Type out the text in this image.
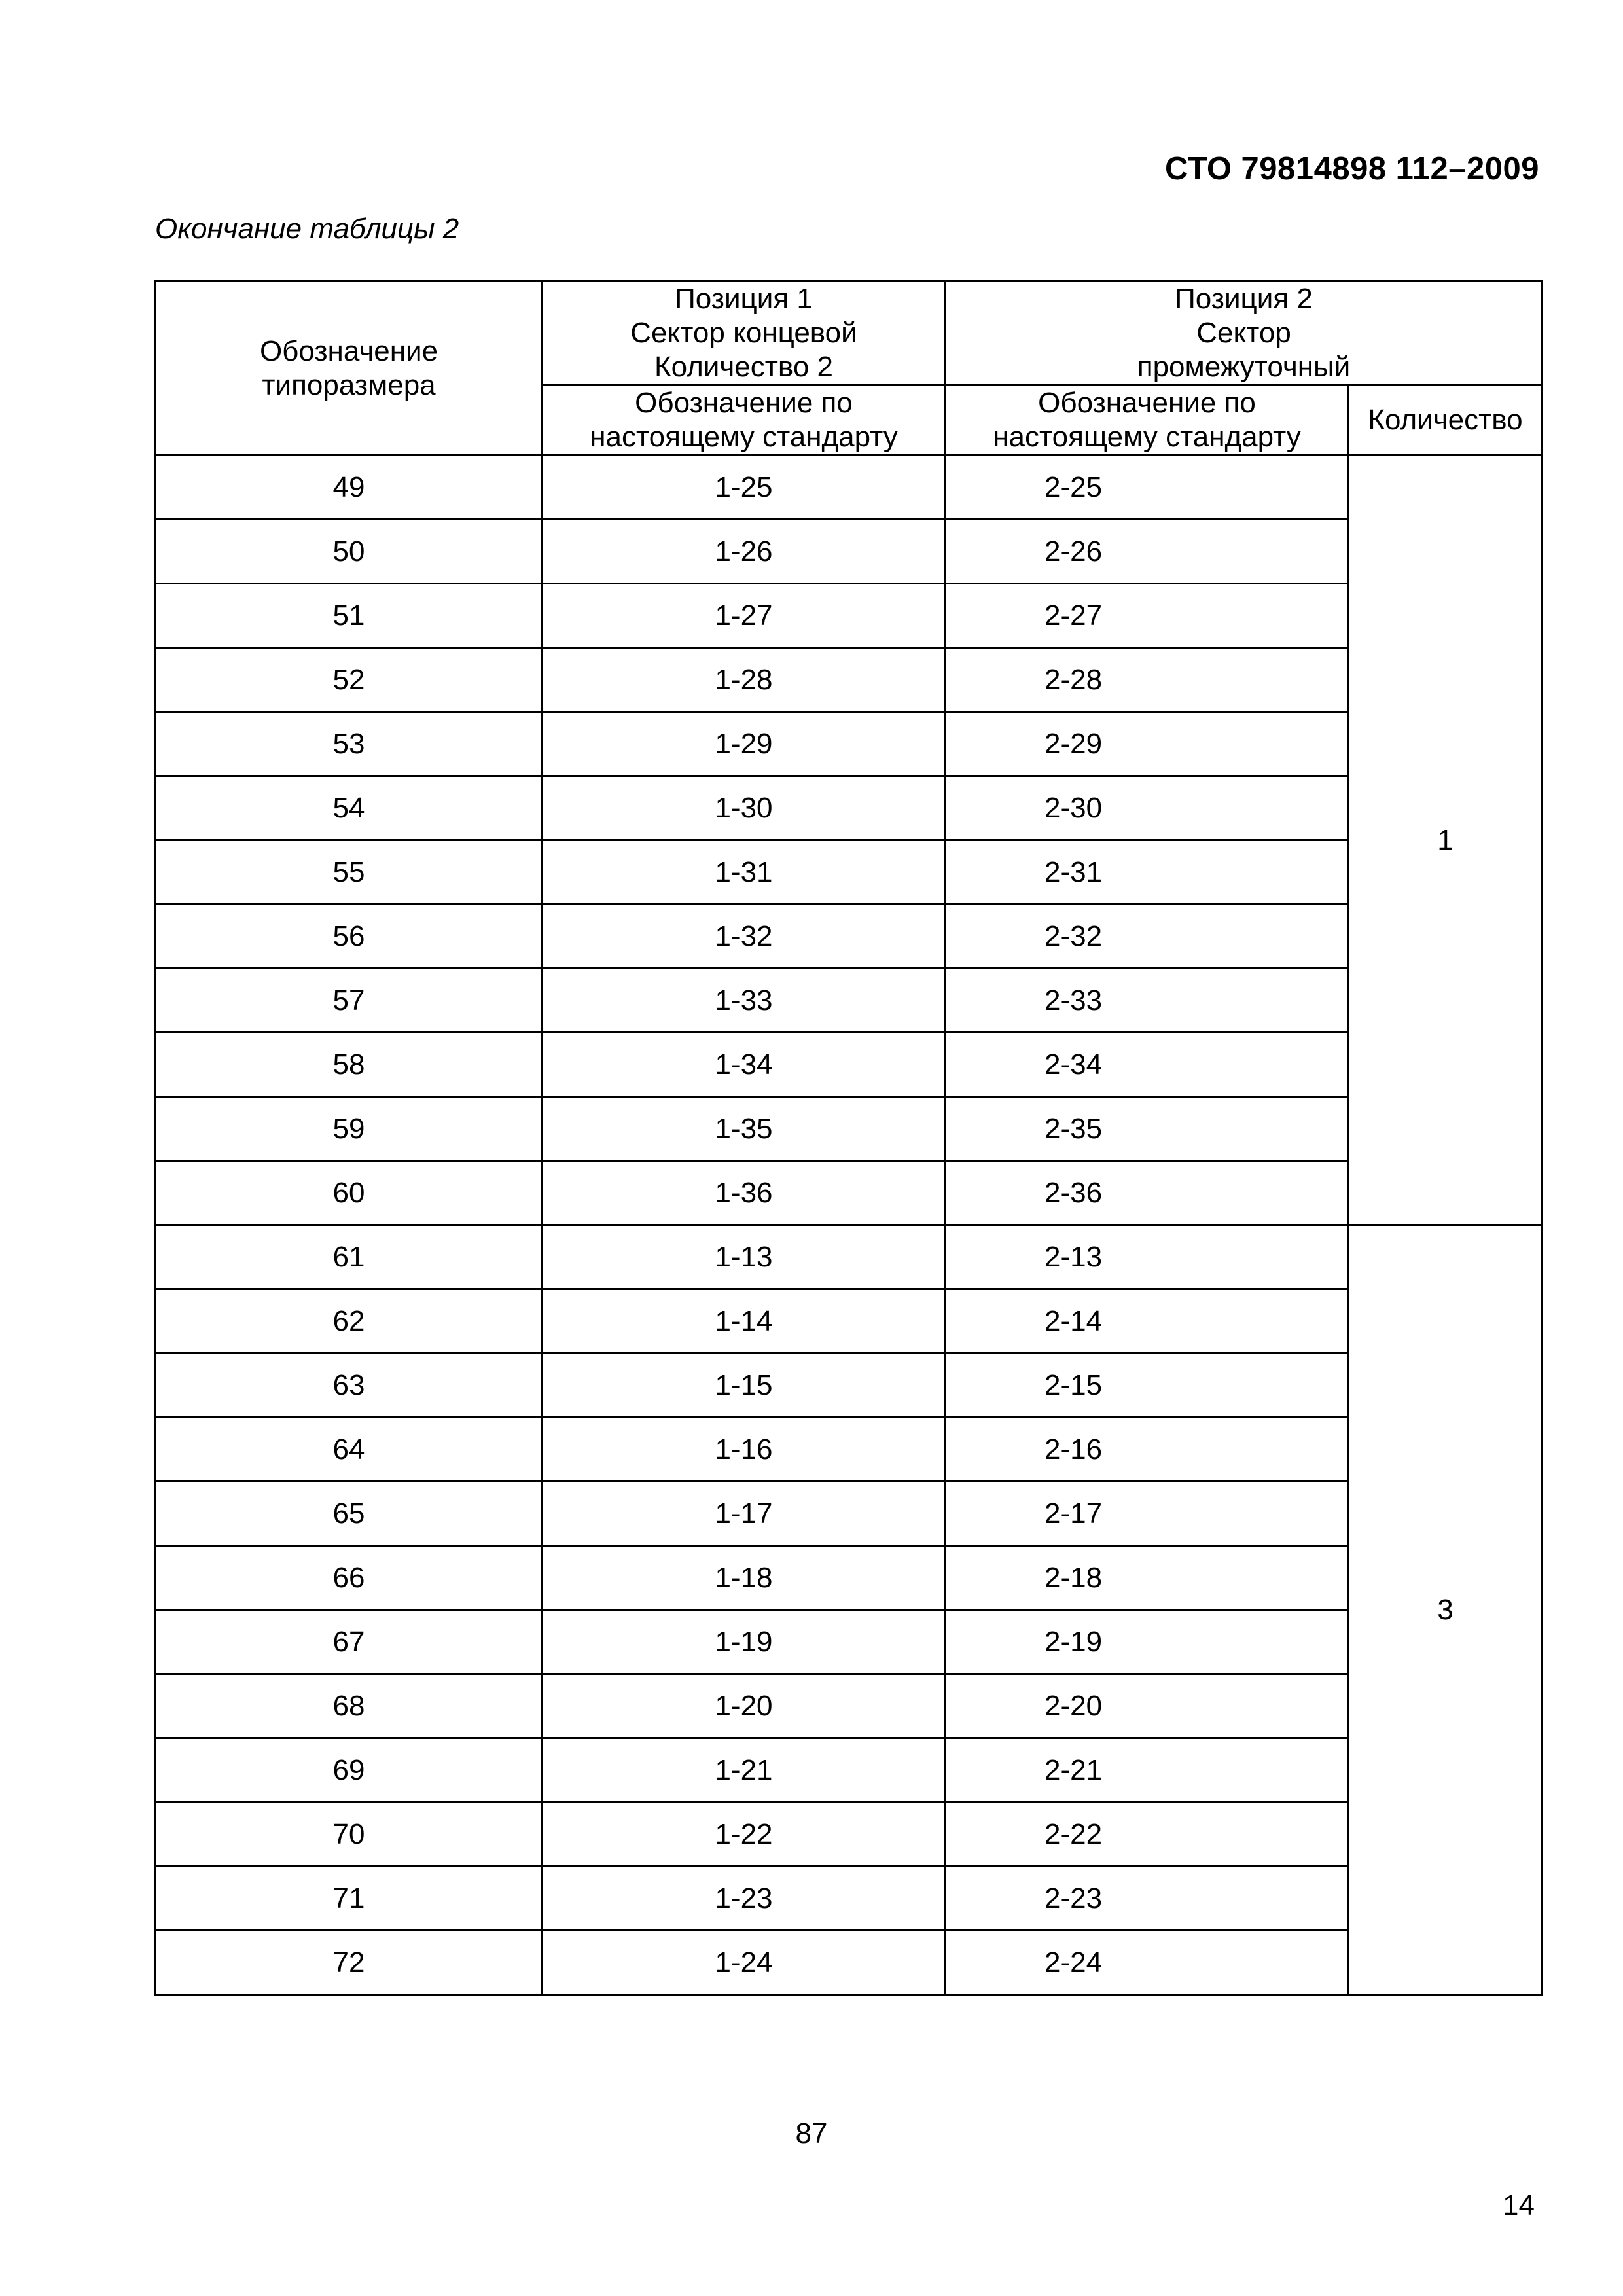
СТО 79814898 112–2009
Окончание таблицы 2
Обозначение
типоразмера	Позиция 1
Сектор концевой
Количество 2	Позиция 2
Сектор
промежуточный	

	Обозначение по
настоящему стандарту	Обозначение по
настоящему стандарту	Количество
49	1-25	2-25	1
50	1-26	2-26	
51	1-27	2-27	
52	1-28	2-28	
53	1-29	2-29	
54	1-30	2-30	
55	1-31	2-31	
56	1-32	2-32	
57	1-33	2-33	
58	1-34	2-34	
59	1-35	2-35	
60	1-36	2-36	
61	1-13	2-13	3
62	1-14	2-14	
63	1-15	2-15	
64	1-16	2-16	
65	1-17	2-17	
66	1-18	2-18	
67	1-19	2-19	
68	1-20	2-20	
69	1-21	2-21	
70	1-22	2-22	
71	1-23	2-23	
72	1-24	2-24	
87
14
